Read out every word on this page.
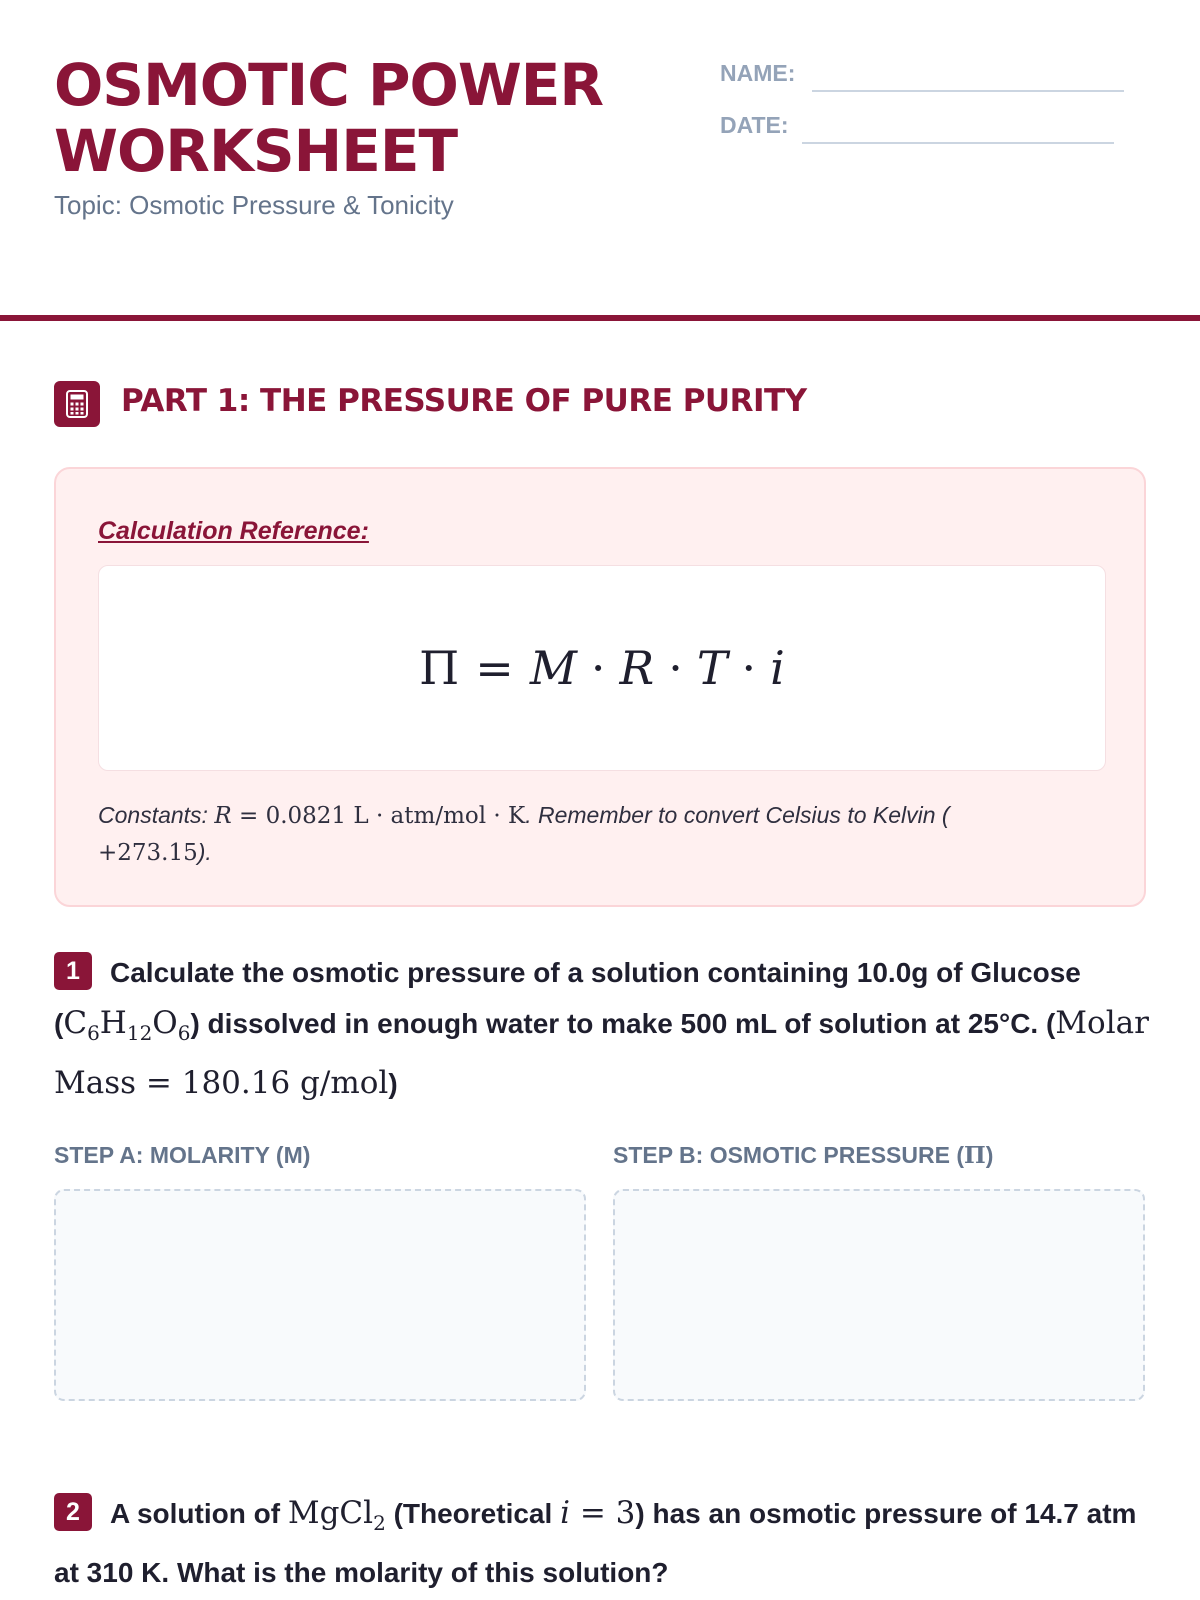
OSMOTIC POWER
WORKSHEET
Topic: Osmotic Pressure & Tonicity
NAME:
DATE:
PART 1: THE PRESSURE OF PURE PURITY
Calculation Reference:
Π = M · R · T · i
Constants: R = 0.0821 L · atm/mol · K. Remember to convert Celsius to Kelvin (
+273.15).
1 Calculate the osmotic pressure of a solution containing 10.0g of Glucose $(C_6H_{12}O_6)$ dissolved in enough water to make 500 mL of solution at 25°C. (Molar Mass = 180.16 g/mol)
STEP A: MOLARITY (M)	STEP B: OSMOTIC PRESSURE (Π)
2 A solution of MgCl$_2$ (Theoretical i = 3) has an osmotic pressure of 14.7 atm at 310 K. What is the molarity of this solution?
